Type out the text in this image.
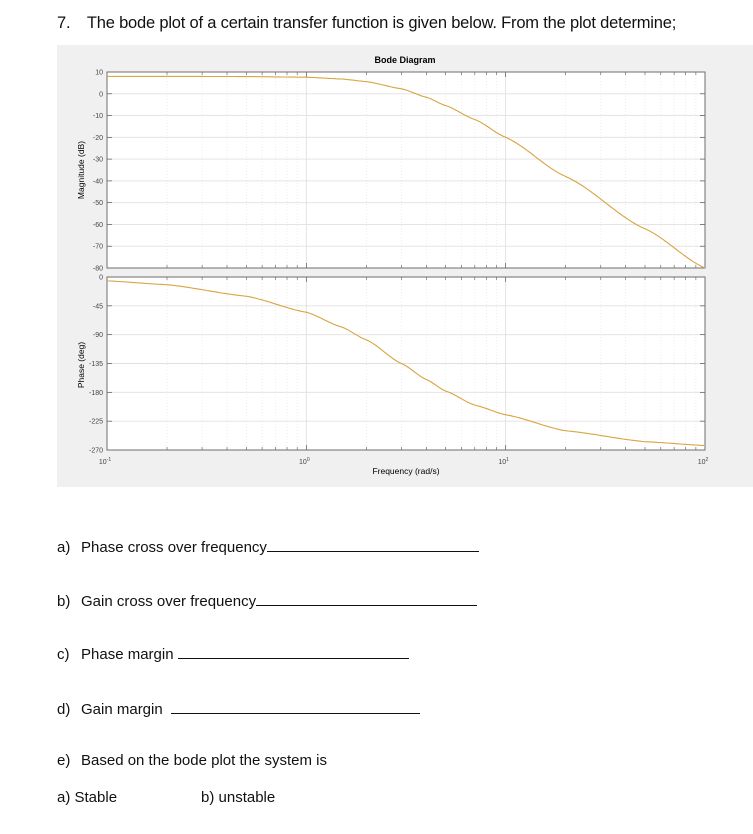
7. The bode plot of a certain transfer function is given below. From the plot determine;
10
0
-10
-20
-30
-40
-50
-60
-70
-80
0
-45
-90
-135
-180
-225
-270
Bode Diagram
Magnitude (dB)
Phase (deg)
Frequency (rad/s)
$10^{-1}$	$10^0$	$10^1$	$10^2$
a) Phase cross over frequency
b) Gain cross over frequency
c) Phase margin
d) Gain margin
e) Based on the bode plot the system is
a) Stable	b) unstable
